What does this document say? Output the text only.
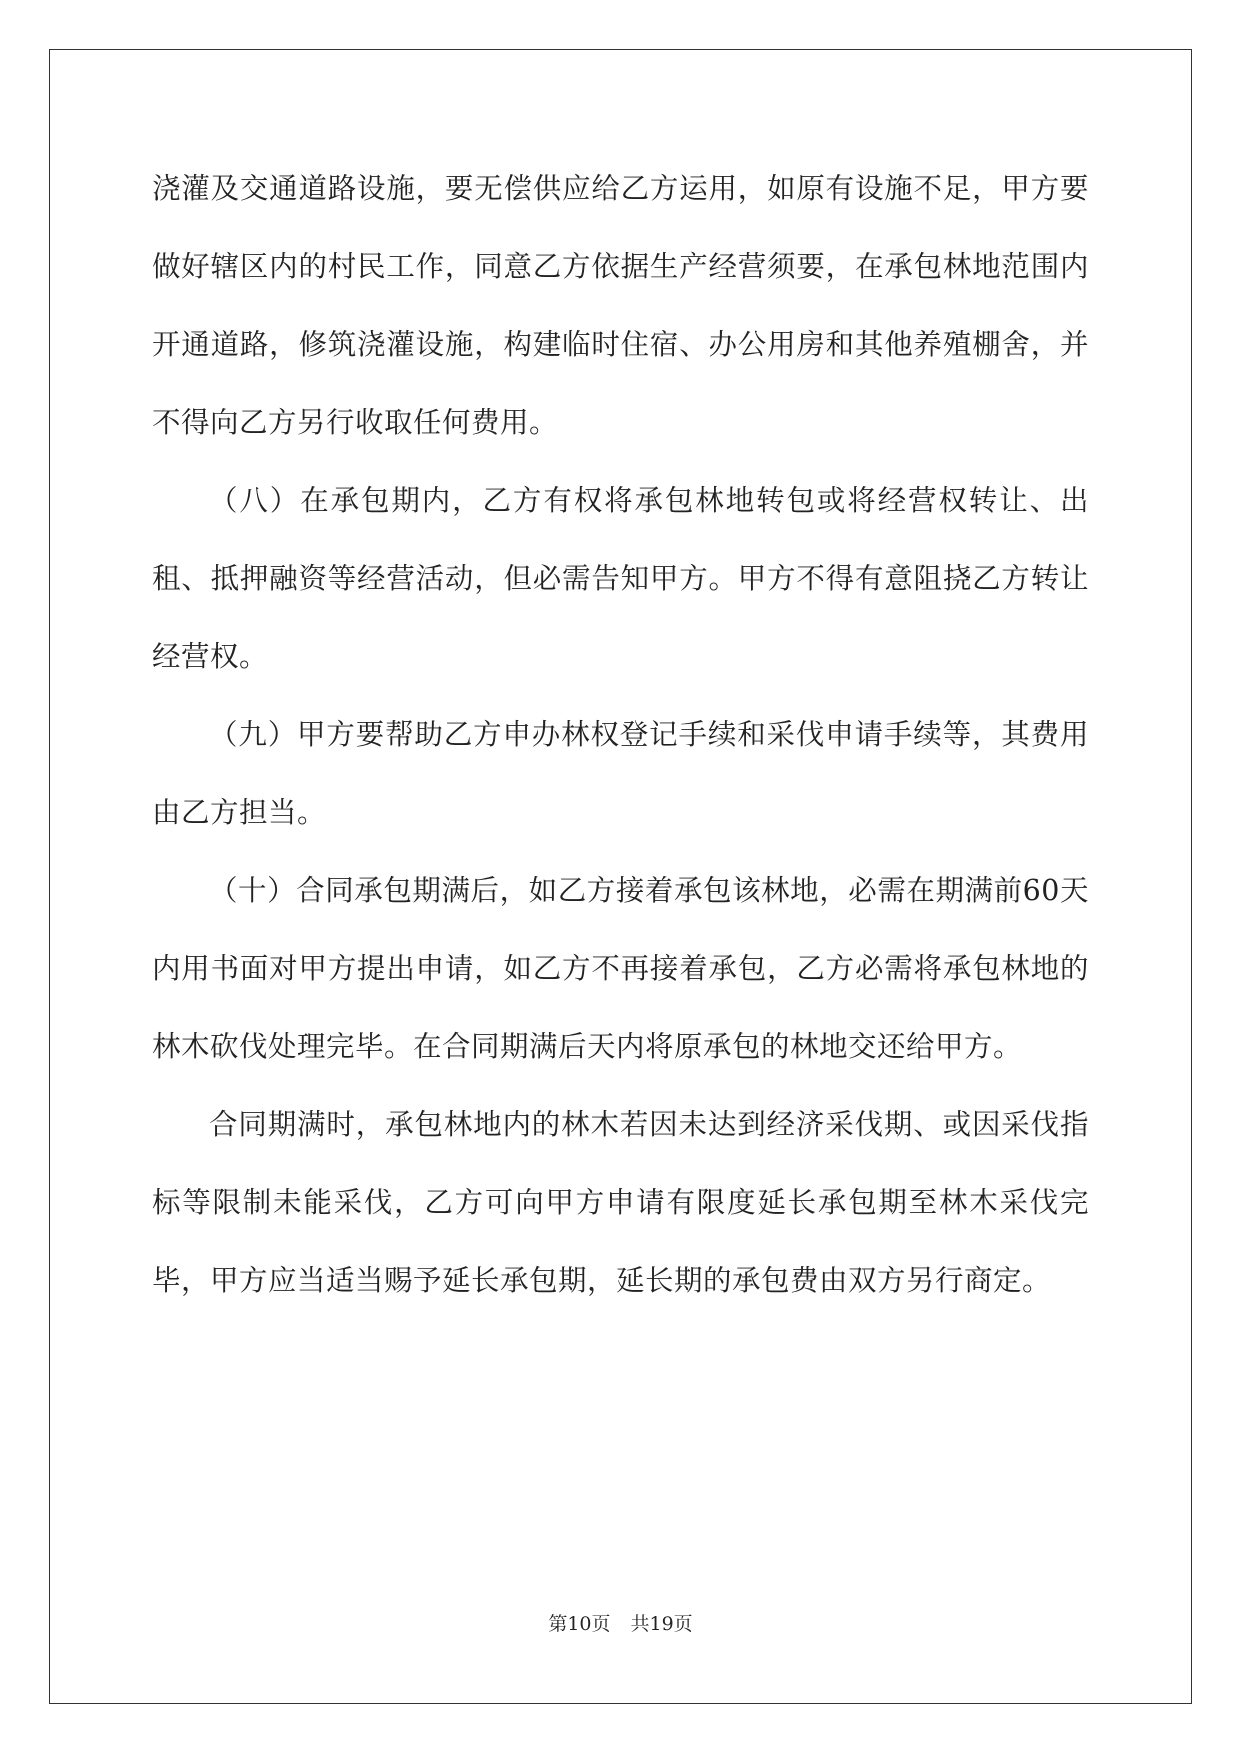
浇灌及交通道路设施，要无偿供应给乙方运用，如原有设施不足，甲方要做好辖区内的村民工作，同意乙方依据生产经营须要，在承包林地范围内开通道路，修筑浇灌设施，构建临时住宿、办公用房和其他养殖棚舍，并不得向乙方另行收取任何费用。

（八）在承包期内，乙方有权将承包林地转包或将经营权转让、出租、抵押融资等经营活动，但必需告知甲方。甲方不得有意阻挠乙方转让经营权。

（九）甲方要帮助乙方申办林权登记手续和采伐申请手续等，其费用由乙方担当。

（十）合同承包期满后，如乙方接着承包该林地，必需在期满前60天内用书面对甲方提出申请，如乙方不再接着承包，乙方必需将承包林地的林木砍伐处理完毕。在合同期满后天内将原承包的林地交还给甲方。

合同期满时，承包林地内的林木若因未达到经济采伐期、或因采伐指标等限制未能采伐，乙方可向甲方申请有限度延长承包期至林木采伐完毕，甲方应当适当赐予延长承包期，延长期的承包费由双方另行商定。

第10页 共19页
